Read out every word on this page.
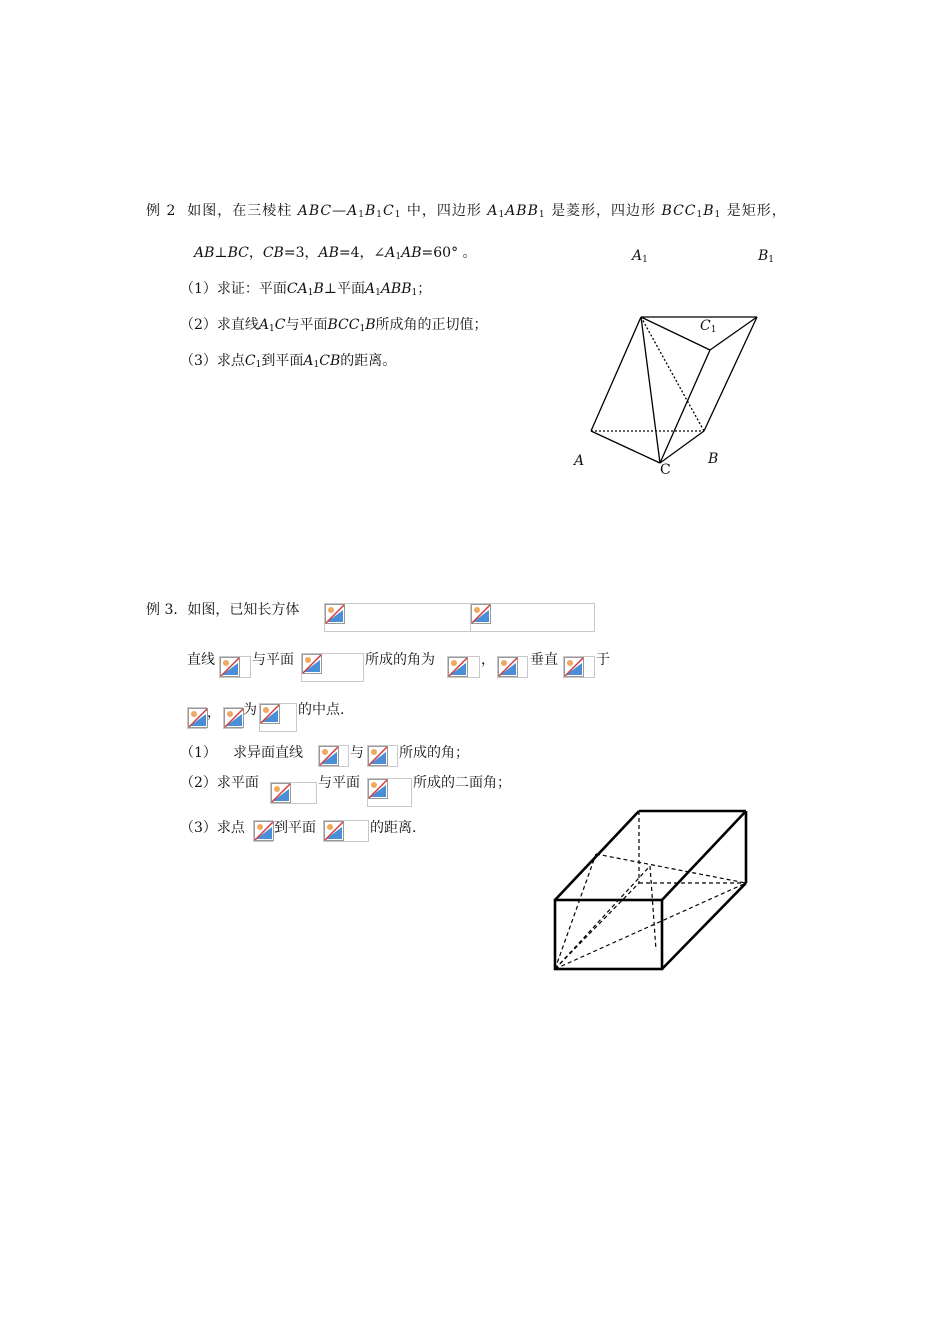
例 2 如图，在三棱柱 $ABC—A_1B_1C_1$ 中，四边形 $A_1ABB_1$ 是菱形，四边形 $BCC_1B_1$ 是矩形，
AB⊥BC，CB=3，AB=4，$\angle A_1AB=60^\circ$ 。
（1）求证：平面$CA_1B\perp$平面$A_1ABB_1$；
（2）求直线$A_1C$与平面$BCC_1B$所成角的正切值；
（3）求点$C_1$到平面$A_1CB$的距离。
$A_1$	$B_1$
$C_1$
A	B
C
例 3．如图，已知长方体
直线	与平面	所成的角为	，	垂直	于
， 为	的中点.
（1） 求异面直线	与	所成的角；
（2）求平面	与平面	所成的二面角；
（3）求点 到平面	的距离.
